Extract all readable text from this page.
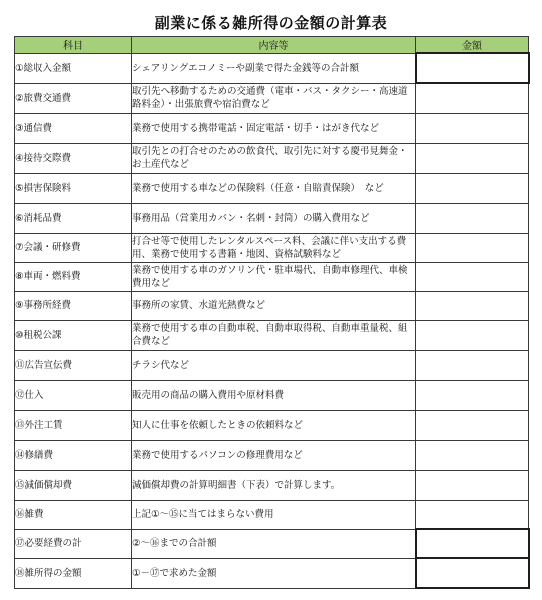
副業に係る雑所得の金額の計算表
科目	内容等	金額
①総収入金額	シェアリングエコノミーや副業で得た金銭等の合計額	
②旅費交通費	取引先へ移動するための交通費（電車・バス・タクシー・高速道路料金）・出張旅費や宿泊費など	
③通信費	業務で使用する携帯電話・固定電話・切手・はがき代など	
④接待交際費	取引先との打合せのための飲食代、取引先に対する慶弔見舞金・お土産代など	
⑤損害保険料	業務で使用する車などの保険料（任意・自賠責保険）　など	
⑥消耗品費	事務用品（営業用カバン・名刺・封筒）の購入費用など	
⑦会議・研修費	打合せ等で使用したレンタルスペース料、会議に伴い支出する費用、業務で使用する書籍・地図、資格試験料など	
⑧車両・燃料費	業務で使用する車のガソリン代・駐車場代、自動車修理代、車検費用など	
⑨事務所経費	事務所の家賃、水道光熱費など	
⑩租税公課	業務で使用する車の自動車税、自動車取得税、自動車重量税、組合費など	
⑪広告宣伝費	チラシ代など	
⑫仕入	販売用の商品の購入費用や原材料費	
⑬外注工賃	知人に仕事を依頼したときの依頼料など	
⑭修繕費	業務で使用するパソコンの修理費用など	
⑮減価償却費	減価償却費の計算明細書（下表）で計算します。	
⑯雑費	上記①～⑮に当てはまらない費用	
⑰必要経費の計	②～⑯までの合計額	
⑱雑所得の金額	①－⑰で求めた金額	
